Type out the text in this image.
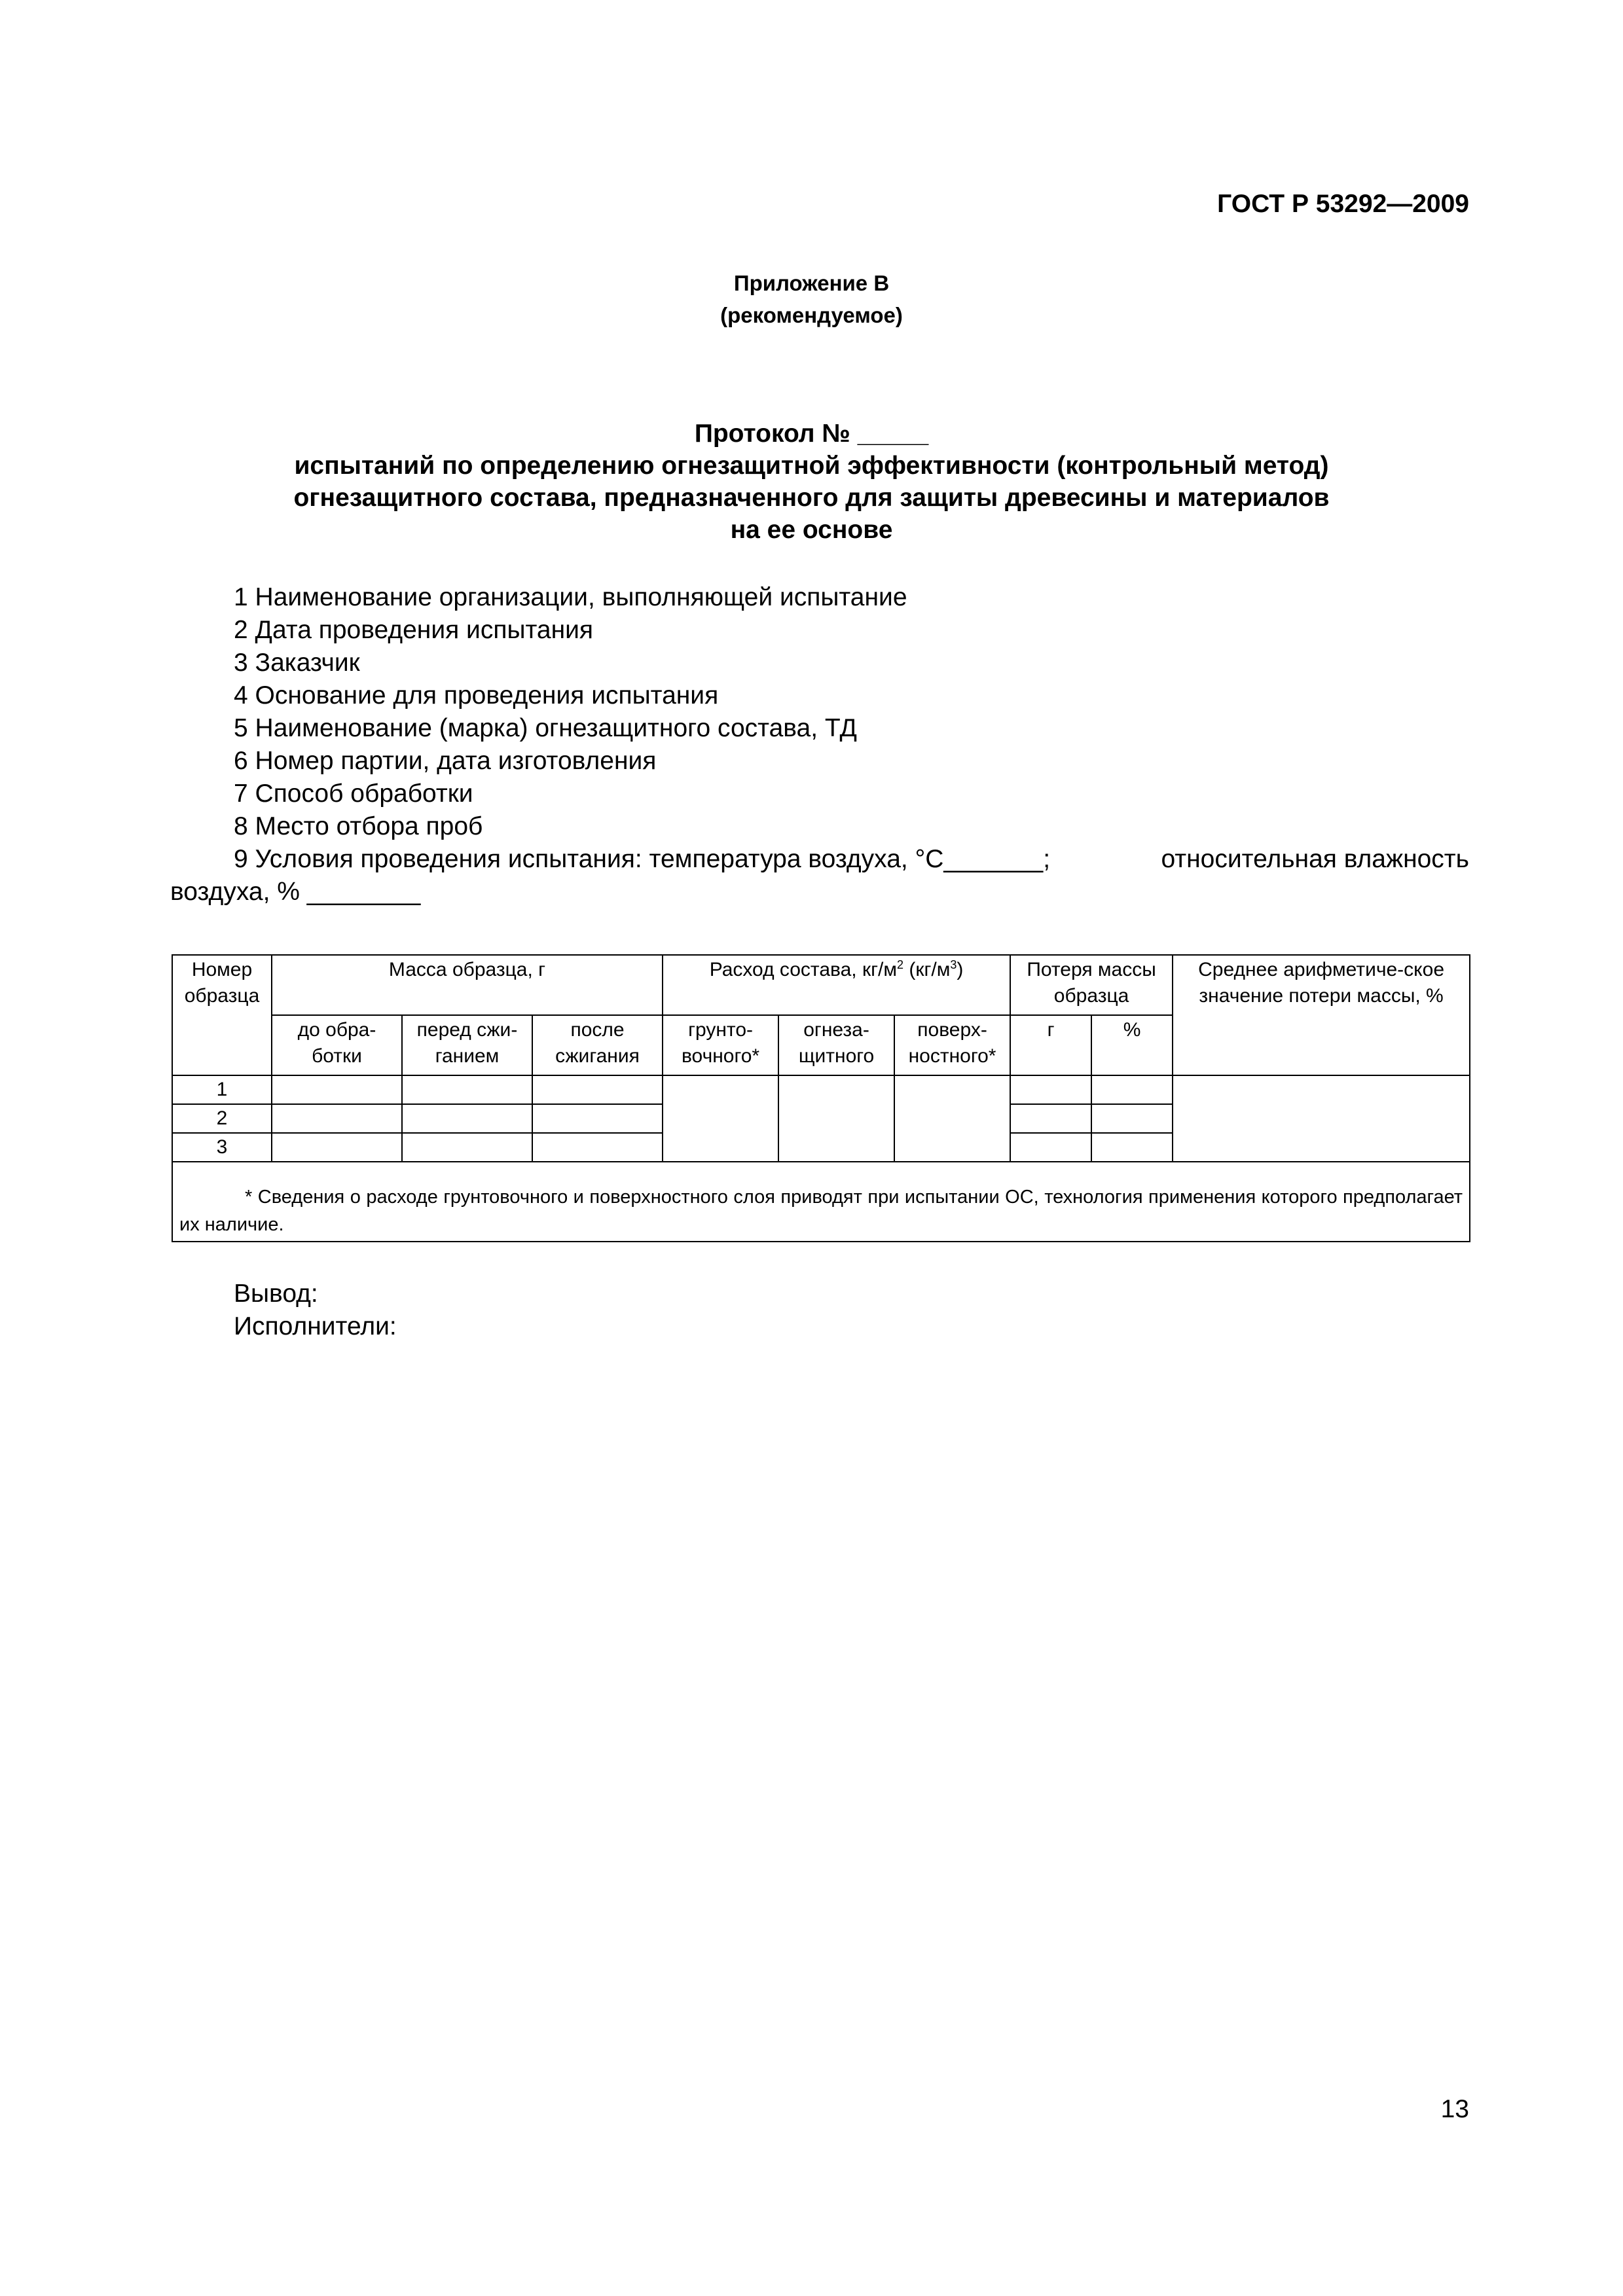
ГОСТ Р 53292—2009
Приложение В
(рекомендуемое)
Протокол № _____
испытаний по определению огнезащитной эффективности (контрольный метод)
огнезащитного состава, предназначенного для защиты древесины и материалов
на ее основе
1 Наименование организации, выполняющей испытание
2 Дата проведения испытания
3 Заказчик
4 Основание для проведения испытания
5 Наименование (марка) огнезащитного состава, ТД
6 Номер партии, дата изготовления
7 Способ обработки
8 Место отбора проб
9 Условия проведения испытания: температура воздуха, °С_______;	относительная влажность
воздуха, % ________
Номер образца	Масса образца, г			Расход состава, $кг/м^2$ $(кг/м^3)$			Потеря массы образца		Среднее арифметиче-ское значение потери массы, %
	до обра-ботки	перед сжи-ганием	после сжигания	грунто-вочного*	огнеза-щитного	поверх-ностного*	г	%	
1									
2									
3									
* Сведения о расходе грунтовочного и поверхностного слоя приводят при испытании ОС, технология применения которого предполагает их наличие.									
Вывод:
Исполнители:
13
